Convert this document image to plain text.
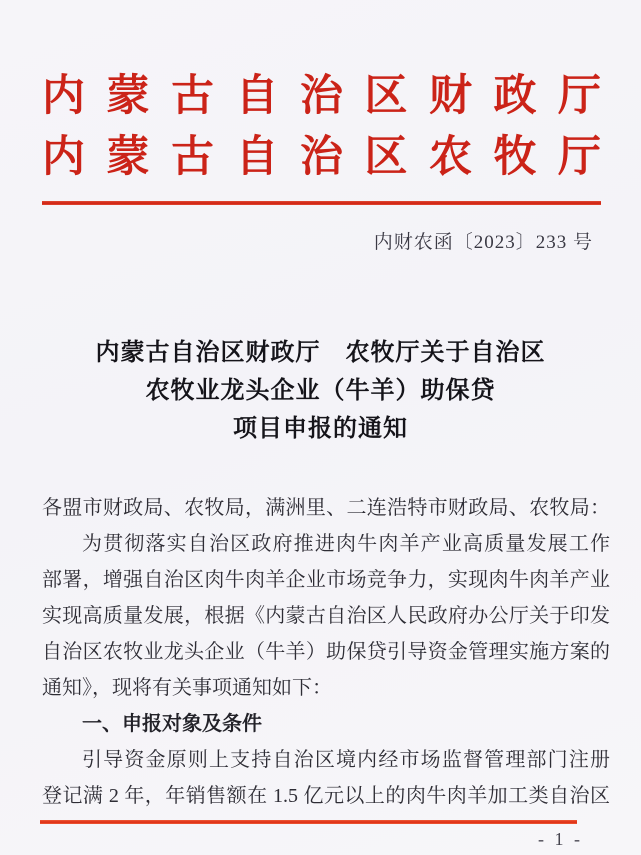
内蒙古自治区财政厅
内蒙古自治区农牧厅
内财农函〔2023〕233 号
内蒙古自治区财政厅　农牧厅关于自治区
农牧业龙头企业（牛羊）助保贷
项目申报的通知
各盟市财政局、农牧局，满洲里、二连浩特市财政局、农牧局：
为贯彻落实自治区政府推进肉牛肉羊产业高质量发展工作
部署，增强自治区肉牛肉羊企业市场竞争力，实现肉牛肉羊产业
实现高质量发展，根据《内蒙古自治区人民政府办公厅关于印发
自治区农牧业龙头企业（牛羊）助保贷引导资金管理实施方案的
通知》，现将有关事项通知如下：
一、申报对象及条件
引导资金原则上支持自治区境内经市场监督管理部门注册
登记满 2 年，年销售额在 1.5 亿元以上的肉牛肉羊加工类自治区
- 1 -
